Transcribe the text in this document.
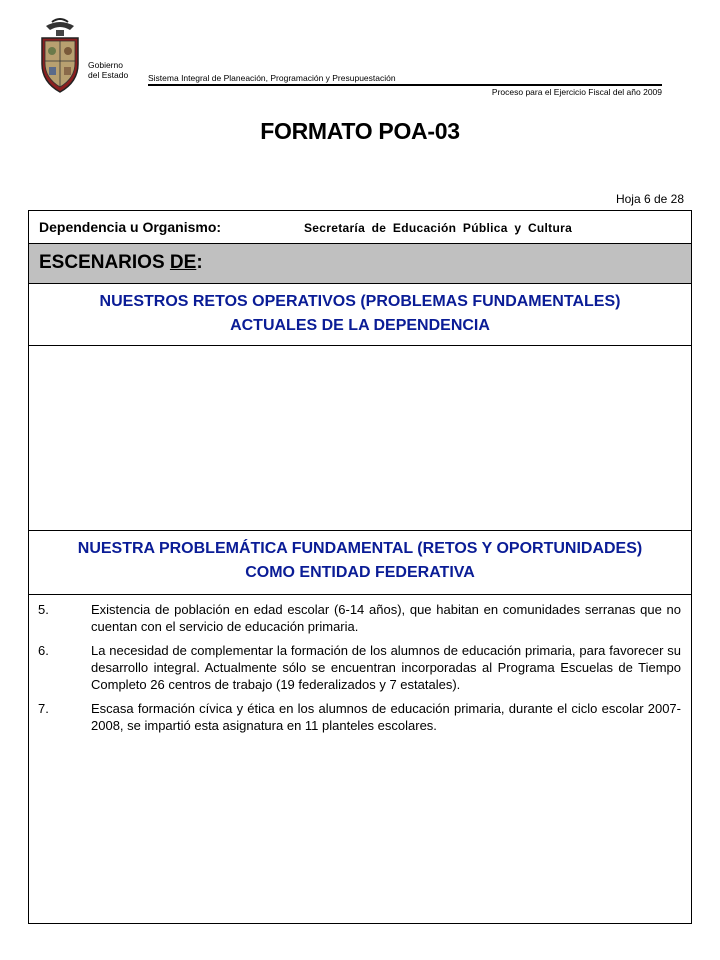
Gobierno
del Estado Sistema Integral de Planeación, Programación y Presupuestación
Proceso para el Ejercicio Fiscal del año 2009
FORMATO POA-03
Hoja 6 de 28
Dependencia u Organismo:	Secretaría de Educación Pública y Cultura
ESCENARIOS DE:
NUESTROS RETOS OPERATIVOS (PROBLEMAS FUNDAMENTALES) ACTUALES DE LA DEPENDENCIA
NUESTRA PROBLEMÁTICA FUNDAMENTAL (RETOS Y OPORTUNIDADES) COMO ENTIDAD FEDERATIVA
5.	Existencia de población en edad escolar (6-14 años), que habitan en comunidades serranas que no cuentan con el servicio de educación primaria.
6.	La necesidad de complementar la formación de los alumnos de educación primaria, para favorecer su desarrollo integral. Actualmente sólo se encuentran incorporadas al Programa Escuelas de Tiempo Completo 26 centros de trabajo (19 federalizados y 7 estatales).
7.	Escasa formación cívica y ética en los alumnos de educación primaria, durante el ciclo escolar 2007-2008, se impartió esta asignatura en 11 planteles escolares.
